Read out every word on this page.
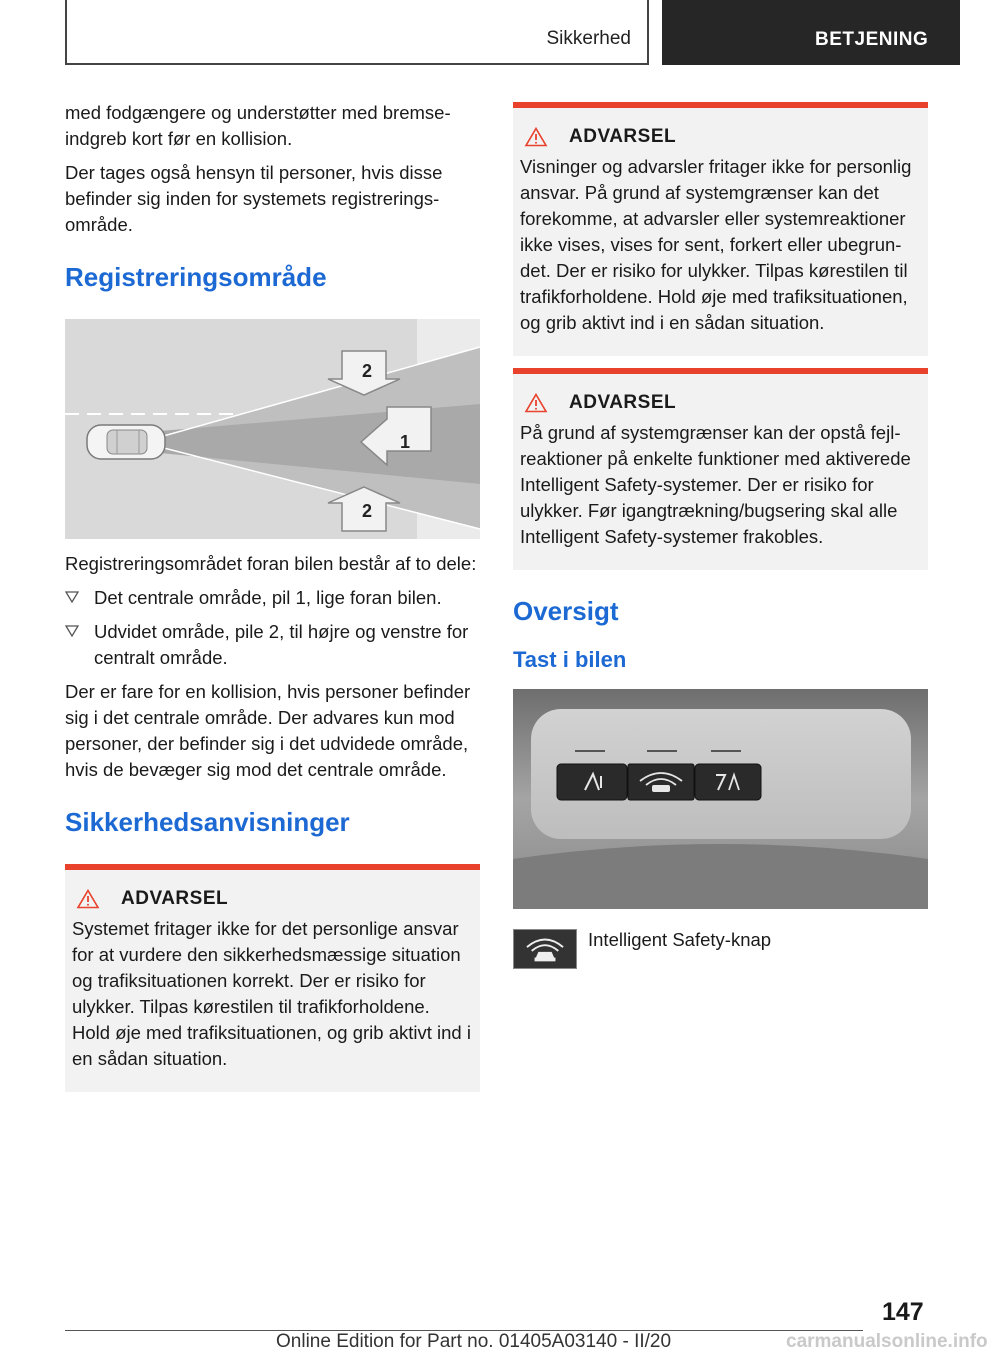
Sikkerhed	BETJENING

med fodgængere og understøtter med bremseindgreb kort før en kollision.

Der tages også hensyn til personer, hvis disse befinder sig inden for systemets registreringsområde.

Registreringsområde
2
1
2

Registreringsområdet foran bilen består af to dele:

Det centrale område, pil 1, lige foran bilen.
Udvidet område, pile 2, til højre og venstre for centralt område.

Der er fare for en kollision, hvis personer befinder sig i det centrale område. Der advares kun mod personer, der befinder sig i det udvidede område, hvis de bevæger sig mod det centrale område.

Sikkerhedsanvisninger
ADVARSEL

Systemet fritager ikke for det personlige ansvar for at vurdere den sikkerhedsmæssige situation og trafiksituationen korrekt. Der er risiko for ulykker. Tilpas kørestilen til trafikforholdene. Hold øje med trafiksituationen, og grib aktivt ind i en sådan situation.

ADVARSEL

Visninger og advarsler fritager ikke for personlig ansvar. På grund af systemgrænser kan det forekomme, at advarsler eller systemreaktioner ikke vises, vises for sent, forkert eller ubegrundet. Der er risiko for ulykker. Tilpas kørestilen til trafikforholdene. Hold øje med trafiksituationen, og grib aktivt ind i en sådan situation.

ADVARSEL

På grund af systemgrænser kan der opstå fejlreaktioner på enkelte funktioner med aktiverede Intelligent Safety-systemer. Der er risiko for ulykker. Før igangtrækning/bugsering skal alle Intelligent Safety-systemer frakobles.

Oversigt
Tast i bilen
Intelligent Safety-knap
147
Online Edition for Part no. 01405A03140 - II/20	carmanualsonline.info
